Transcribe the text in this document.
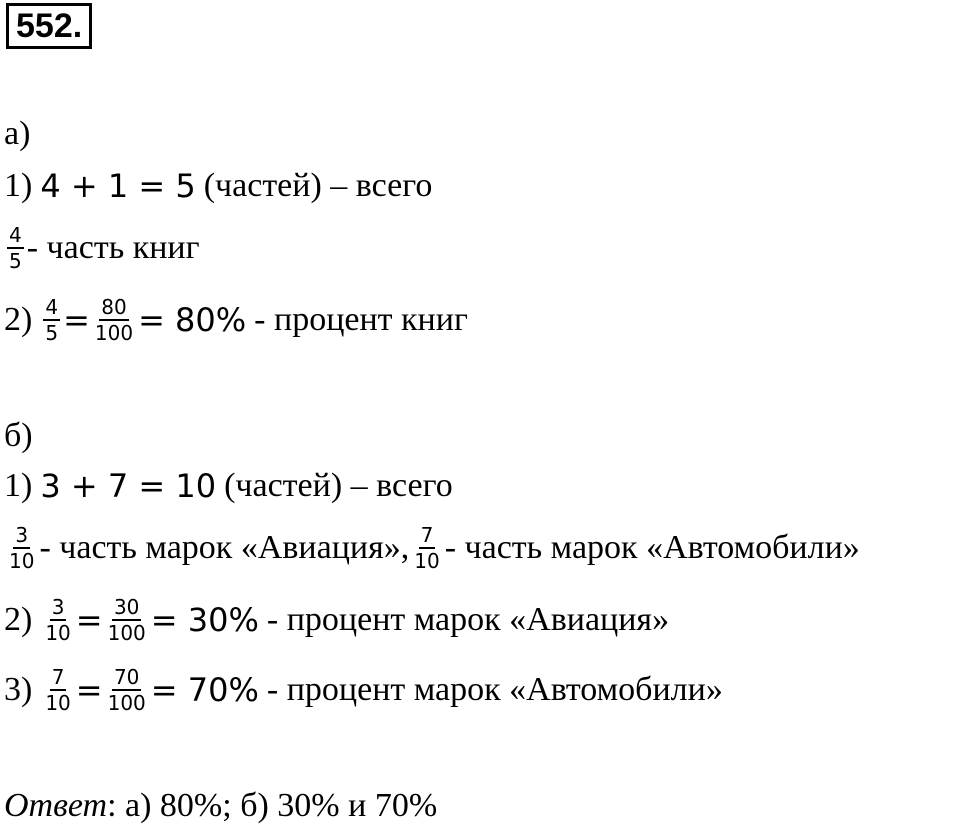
552.
а)
1) 4 + 1 = 5 (частей) – всего
$\frac{4}{5}$ - часть книг
$2) \frac{4}{5} = \frac{80}{100} = 80\%$ - процент книг
б)
1) 3 + 7 = 10 (частей) – всего
$\frac{3}{10}$ - часть марок «Авиация», $\frac{7}{10}$ - часть марок «Автомобили»
$2) \frac{3}{10} = \frac{30}{100} = 30\%$ - процент марок «Авиация»
$3) \frac{7}{10} = \frac{70}{100} = 70\%$ - процент марок «Автомобили»
Ответ : а) 80%; б) 30% и 70%
